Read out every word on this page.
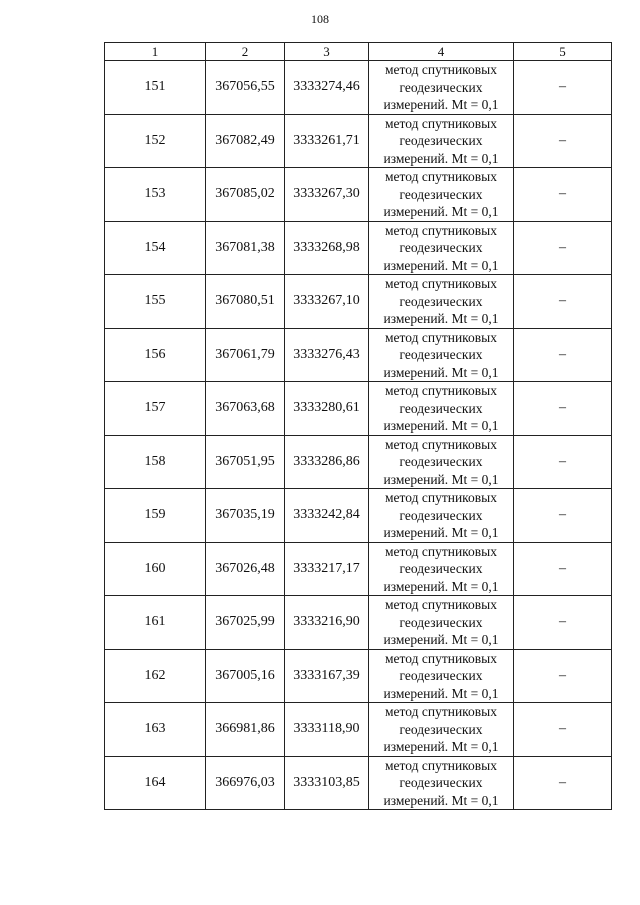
108
1	2	3	4	5
151	367056,55	3333274,46	метод спутниковых
геодезических
измерений. Mt = 0,1	–
152	367082,49	3333261,71	метод спутниковых
геодезических
измерений. Mt = 0,1	–
153	367085,02	3333267,30	метод спутниковых
геодезических
измерений. Mt = 0,1	–
154	367081,38	3333268,98	метод спутниковых
геодезических
измерений. Mt = 0,1	–
155	367080,51	3333267,10	метод спутниковых
геодезических
измерений. Mt = 0,1	–
156	367061,79	3333276,43	метод спутниковых
геодезических
измерений. Mt = 0,1	–
157	367063,68	3333280,61	метод спутниковых
геодезических
измерений. Mt = 0,1	–
158	367051,95	3333286,86	метод спутниковых
геодезических
измерений. Mt = 0,1	–
159	367035,19	3333242,84	метод спутниковых
геодезических
измерений. Mt = 0,1	–
160	367026,48	3333217,17	метод спутниковых
геодезических
измерений. Mt = 0,1	–
161	367025,99	3333216,90	метод спутниковых
геодезических
измерений. Mt = 0,1	–
162	367005,16	3333167,39	метод спутниковых
геодезических
измерений. Mt = 0,1	–
163	366981,86	3333118,90	метод спутниковых
геодезических
измерений. Mt = 0,1	–
164	366976,03	3333103,85	метод спутниковых
геодезических
измерений. Mt = 0,1	–
